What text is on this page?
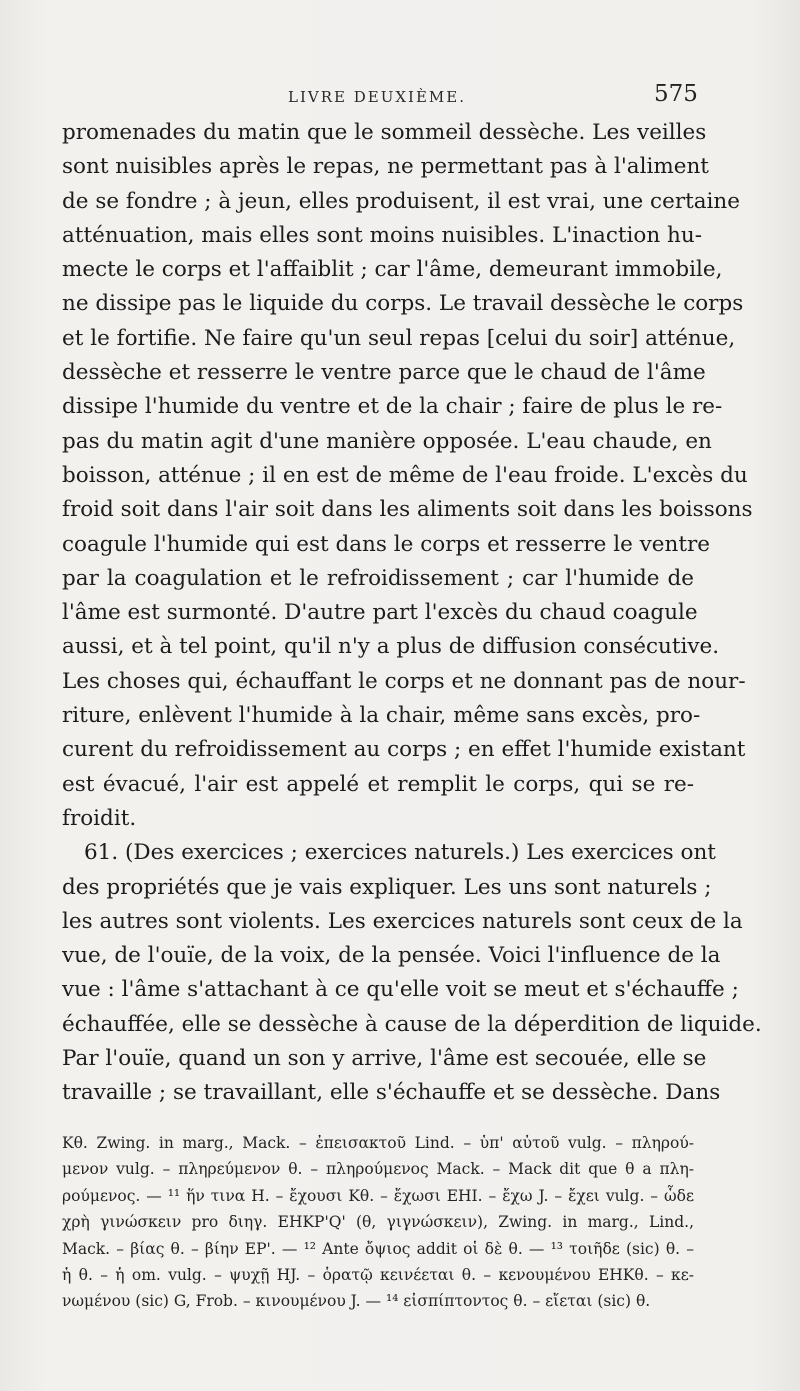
LIVRE DEUXIÈME.	575
promenades du matin que le sommeil dessèche. Les veilles
sont nuisibles après le repas, ne permettant pas à l'aliment
de se fondre ; à jeun, elles produisent, il est vrai, une certaine
atténuation, mais elles sont moins nuisibles. L'inaction hu-
mecte le corps et l'affaiblit ; car l'âme, demeurant immobile,
ne dissipe pas le liquide du corps. Le travail dessèche le corps
et le fortifie. Ne faire qu'un seul repas [celui du soir] atténue,
dessèche et resserre le ventre parce que le chaud de l'âme
dissipe l'humide du ventre et de la chair ; faire de plus le re-
pas du matin agit d'une manière opposée. L'eau chaude, en
boisson, atténue ; il en est de même de l'eau froide. L'excès du
froid soit dans l'air soit dans les aliments soit dans les boissons
coagule l'humide qui est dans le corps et resserre le ventre
par la coagulation et le refroidissement ; car l'humide de
l'âme est surmonté. D'autre part l'excès du chaud coagule
aussi, et à tel point, qu'il n'y a plus de diffusion consécutive.
Les choses qui, échauffant le corps et ne donnant pas de nour-
riture, enlèvent l'humide à la chair, même sans excès, pro-
curent du refroidissement au corps ; en effet l'humide existant
est évacué, l'air est appelé et remplit le corps, qui se re-
froidit.
61. (Des exercices ; exercices naturels.) Les exercices ont
des propriétés que je vais expliquer. Les uns sont naturels ;
les autres sont violents. Les exercices naturels sont ceux de la
vue, de l'ouïe, de la voix, de la pensée. Voici l'influence de la
vue : l'âme s'attachant à ce qu'elle voit se meut et s'échauffe ;
échauffée, elle se dessèche à cause de la déperdition de liquide.
Par l'ouïe, quand un son y arrive, l'âme est secouée, elle se
travaille ; se travaillant, elle s'échauffe et se dessèche. Dans
Kθ. Zwing. in marg., Mack. – ἐπεισακτοῦ Lind. – ὑπ' αὐτοῦ vulg. – πληρού-
μενον vulg. – πληρεύμενον θ. – πληρούμενος Mack. – Mack dit que θ a πλη-
ρούμενος. — ¹¹ ἥν τινα H. – ἔχουσι Kθ. – ἔχωσι EHI. – ἔχω J. – ἔχει vulg. – ὧδε
χρὴ γινώσκειν pro διηγ. EHKP'Q' (θ, γιγνώσκειν), Zwing. in marg., Lind.,
Mack. – βίας θ. – βίην EP'. — ¹² Ante ὄψιος addit οἱ δὲ θ. — ¹³ τοιῆδε (sic) θ. –
ἡ θ. – ἡ om. vulg. – ψυχῇ HJ. – ὁρατῷ κεινέεται θ. – κενουμένου EHKθ. – κε-
νωμένου (sic) G, Frob. – κινουμένου J. — ¹⁴ εἰσπίπτοντος θ. – εἴεται (sic) θ.
